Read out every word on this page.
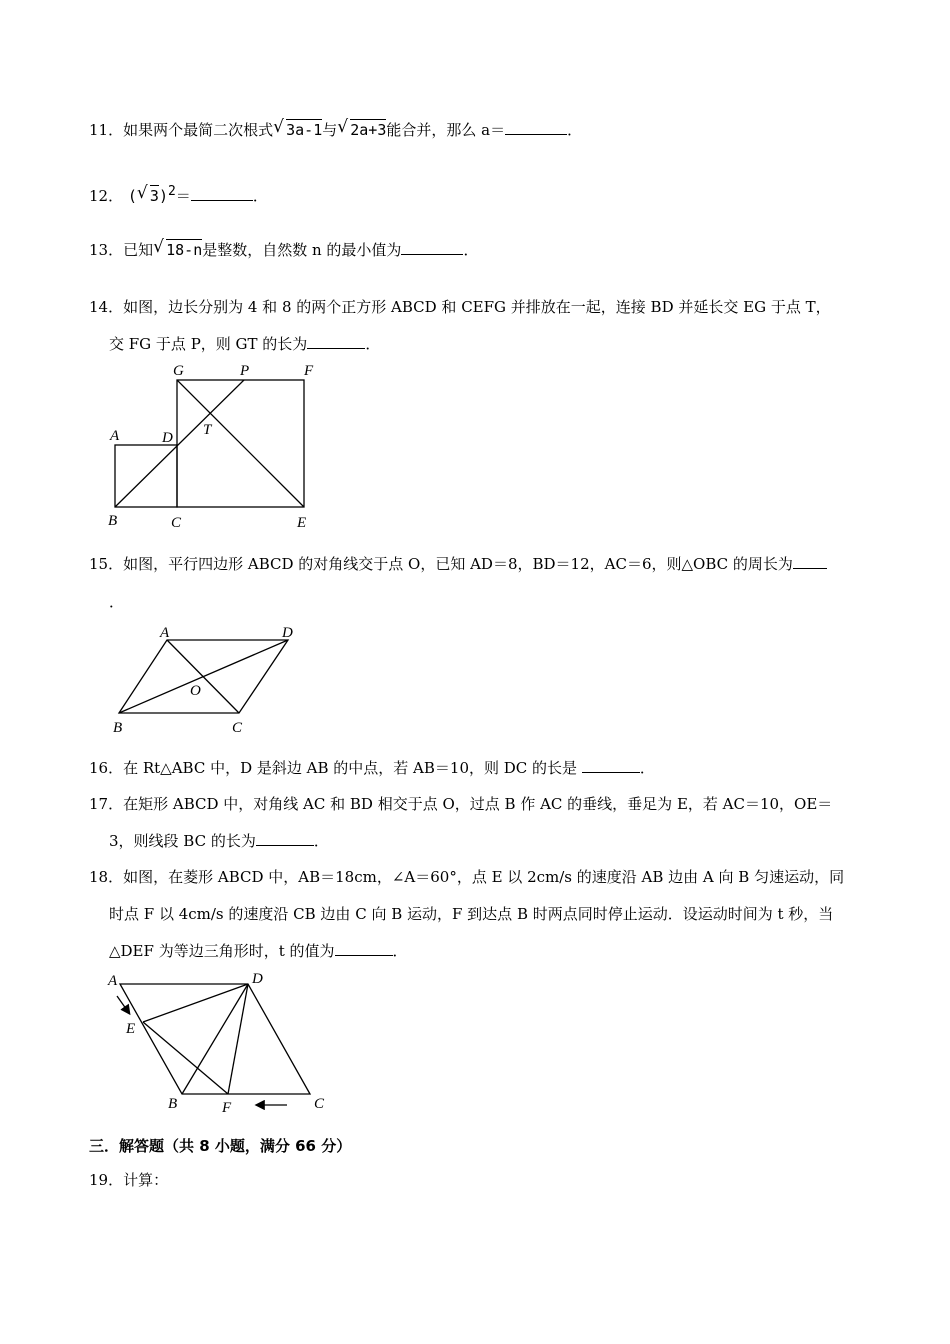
11．如果两个最简二次根式 √ 3a-1与 √ 2a+3能合并，那么 a＝	．
12． ( √ 3)$^2$＝	．
13．已知 √ 18-n是整数，自然数 n 的最小值为	．
14．如图，边长分别为 4 和 8 的两个正方形 ABCD 和 CEFG 并排放在一起，连接 BD 并延长交 EG 于点 T，
交 FG 于点 P，则 GT 的长为	．
G	P	F
A	D T
B	C	E
15．如图，平行四边形 ABCD 的对角线交于点 O，已知 AD＝8，BD＝12，AC＝6，则△OBC 的周长为
．
A	D
O
B	C
16．在 Rt△ABC 中，D 是斜边 AB 的中点，若 AB＝10，则 DC 的长是	．
17．在矩形 ABCD 中，对角线 AC 和 BD 相交于点 O，过点 B 作 AC 的垂线，垂足为 E，若 AC＝10，OE＝
3，则线段 BC 的长为	．
18．如图，在菱形 ABCD 中，AB＝18cm，∠A＝60°，点 E 以 2cm/s 的速度沿 AB 边由 A 向 B 匀速运动，同
时点 F 以 4cm/s 的速度沿 CB 边由 C 向 B 运动，F 到达点 B 时两点同时停止运动．设运动时间为 t 秒，当
△DEF 为等边三角形时，t 的值为	．
A	D
E
B	F	C
三．解答题（共 8 小题，满分 66 分）
19．计算：
